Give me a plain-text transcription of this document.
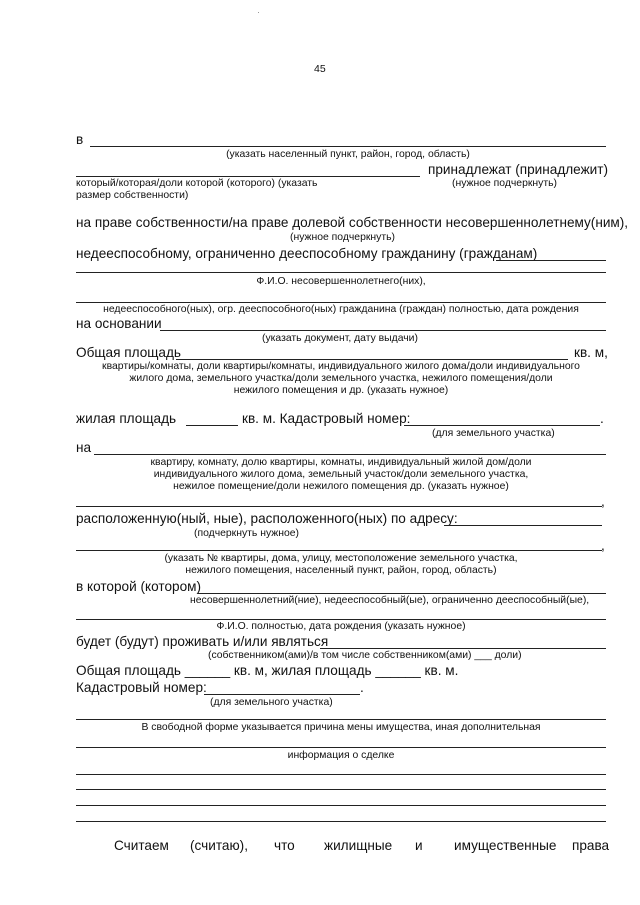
45
в
(указать населенный пункт, район, город, область)
принадлежат (принадлежит)
который/которая/доли которой (которого) (указать
размер собственности)
(нужное подчеркнуть)
на праве собственности/на праве долевой собственности несовершеннолетнему(ним),
(нужное подчеркнуть)
недееспособному, ограниченно дееспособному гражданину (гражданам)
Ф.И.О. несовершеннолетнего(них),
недееспособного(ных), огр. дееспособного(ных) гражданина (граждан) полностью, дата рождения
на основании
(указать документ, дату выдачи)
Общая площадь	кв. м,
квартиры/комнаты, доли квартиры/комнаты, индивидуального жилого дома/доли индивидуального
жилого дома, земельного участка/доли земельного участка, нежилого помещения/доли
нежилого помещения и др. (указать нужное)
жилая площадь	кв. м. Кадастровый номер:	.
(для земельного участка)
на
квартиру, комнату, долю квартиры, комнаты, индивидуальный жилой дом/доли
индивидуального жилого дома, земельный участок/доли земельного участка,
нежилое помещение/доли нежилого помещения др. (указать нужное)
,
расположенную(ный, ные), расположенного(ных) по адресу:
(подчеркнуть нужное)
,
(указать № квартиры, дома, улицу, местоположение земельного участка,
нежилого помещения, населенный пункт, район, город, область)
в которой (котором)
несовершеннолетний(ние), недееспособный(ые), ограниченно дееспособный(ые),
Ф.И.О. полностью, дата рождения (указать нужное)
будет (будут) проживать и/или являться
(собственником(ами)/в том числе собственником(ами) ___ доли)
Общая площадь ______ кв. м, жилая площадь ______ кв. м.
Кадастровый номер:	.
(для земельного участка)
В свободной форме указывается причина мены имущества, иная дополнительная
информация о сделке
Считаем (считаю), что жилищные и имущественные права
